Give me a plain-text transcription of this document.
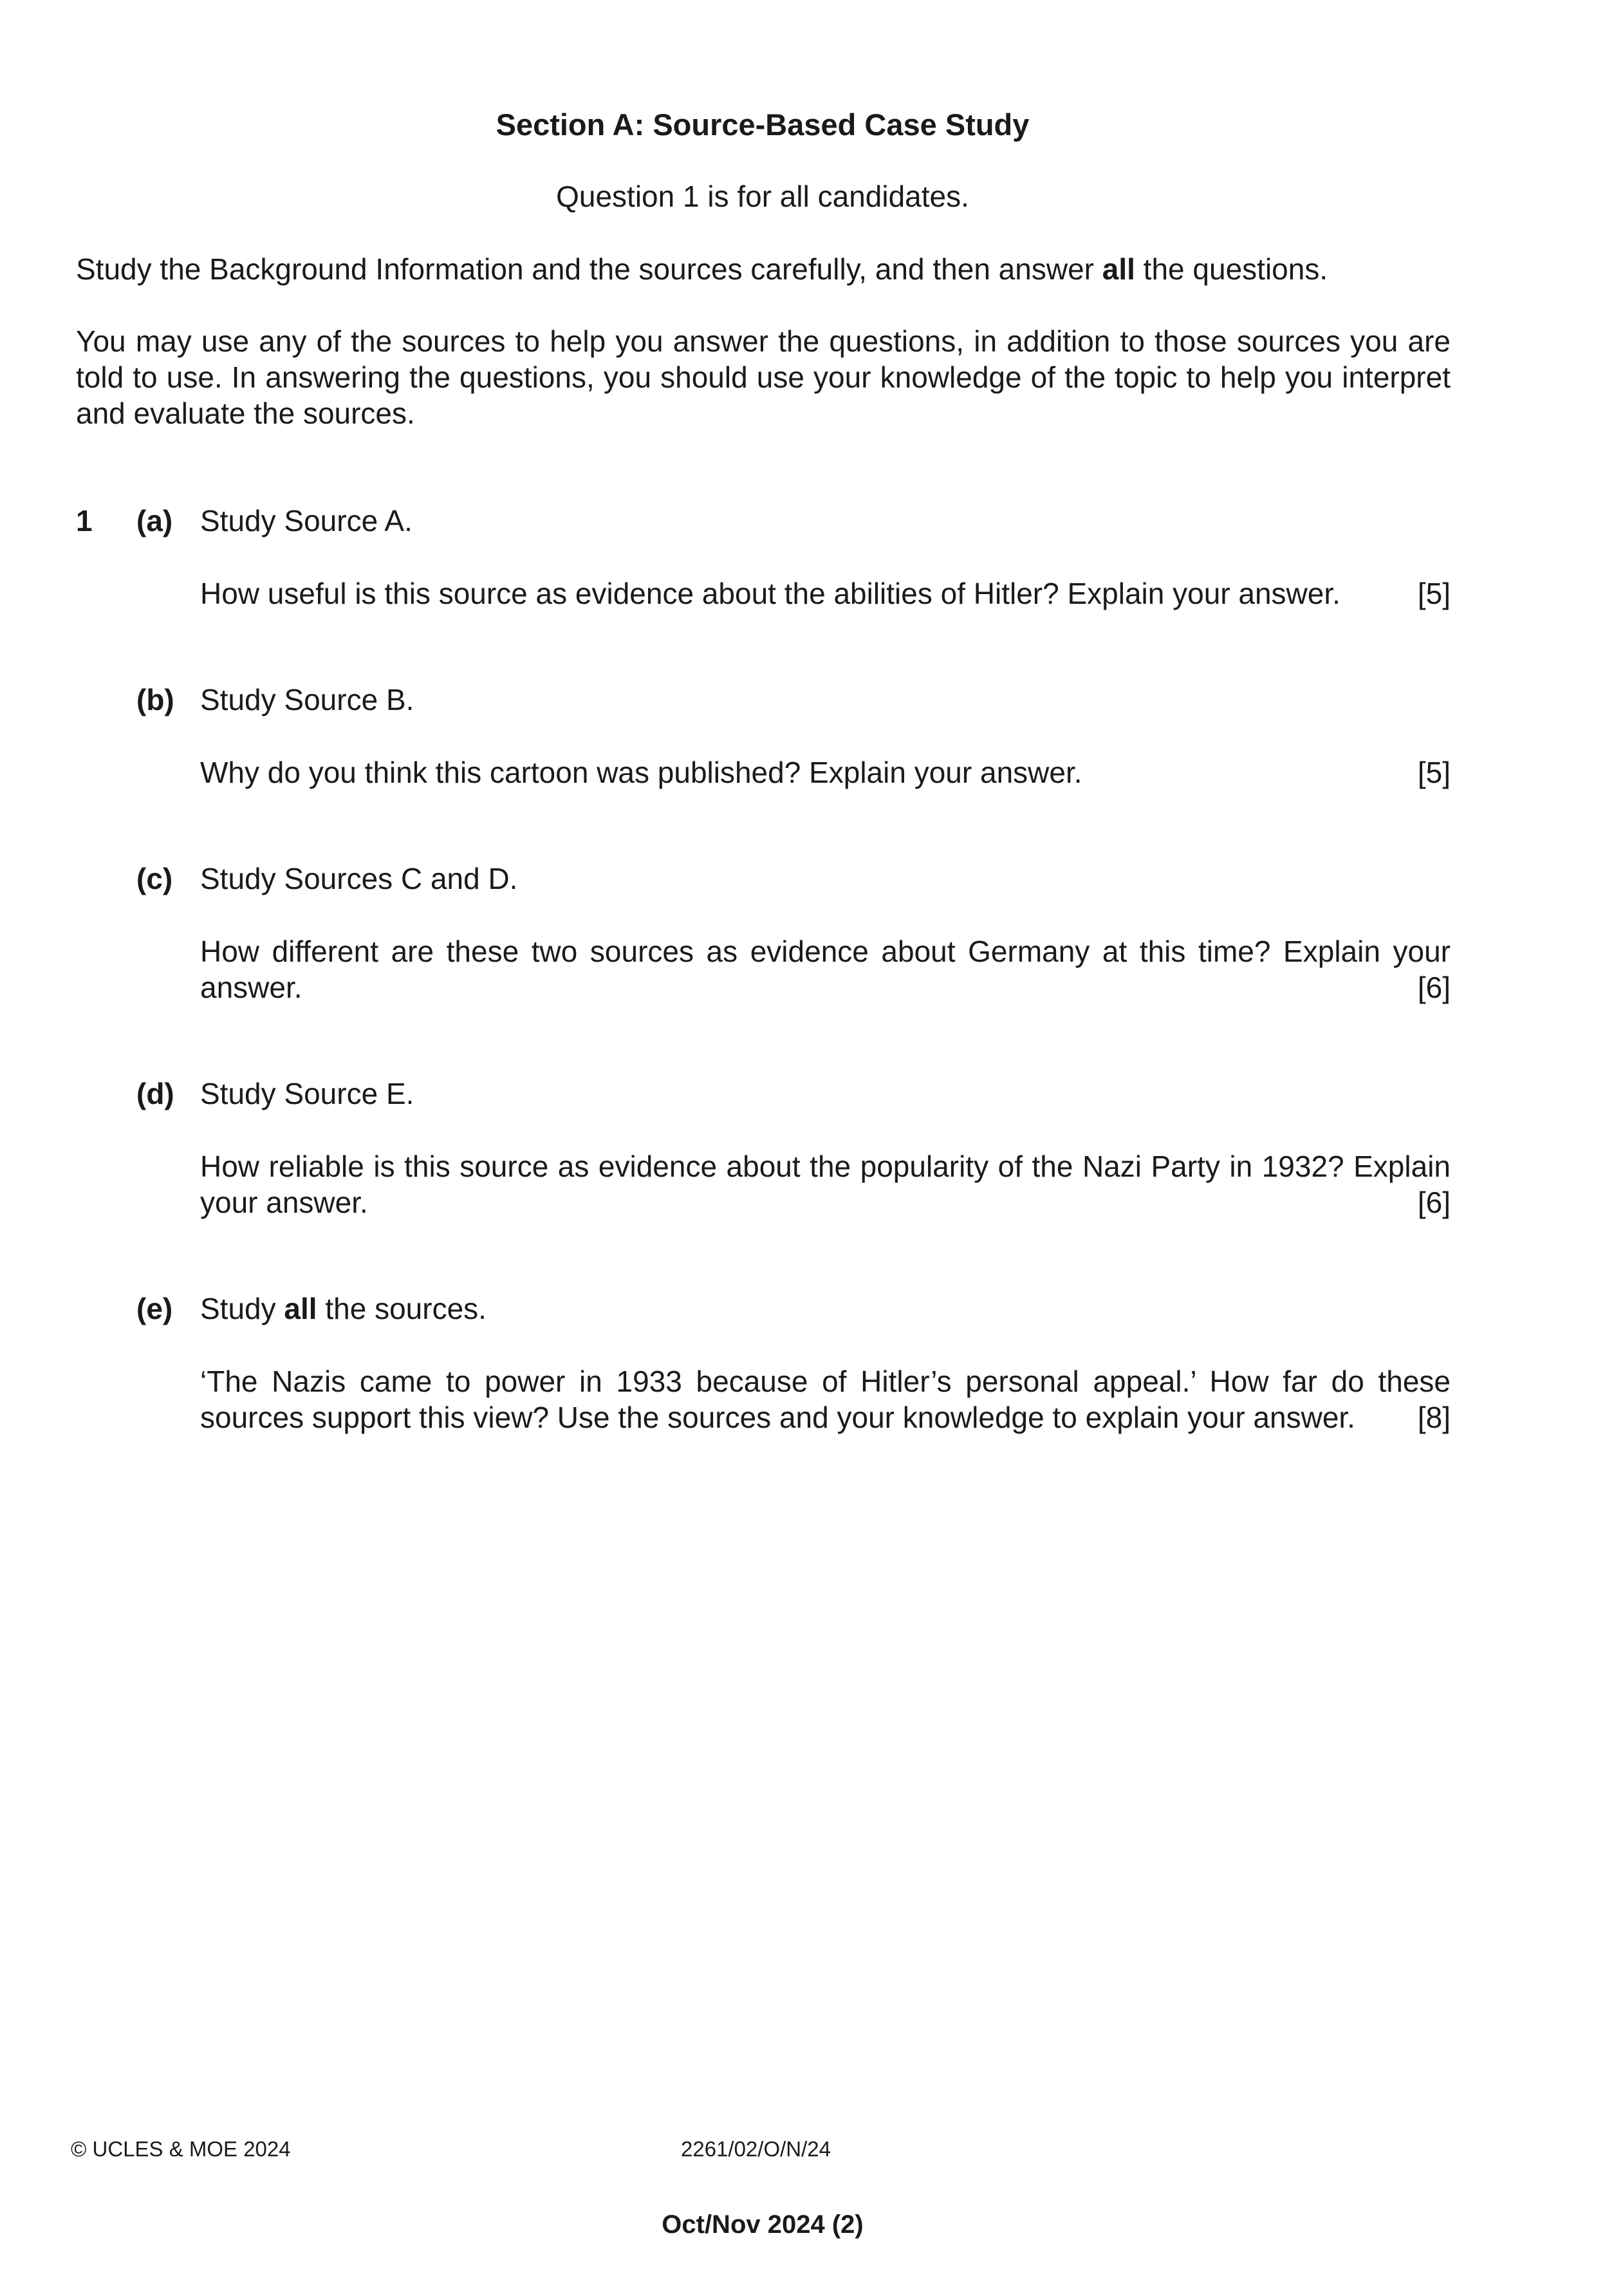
Section A: Source-Based Case Study
Question 1 is for all candidates.
Study the Background Information and the sources carefully, and then answer all the questions.
You may use any of the sources to help you answer the questions, in addition to those sources you are told to use. In answering the questions, you should use your knowledge of the topic to help you interpret and evaluate the sources.
1 (a) Study Source A.
How useful is this source as evidence about the abilities of Hitler? Explain your answer.	[5]
(b) Study Source B.
Why do you think this cartoon was published? Explain your answer.	[5]
(c) Study Sources C and D.
How different are these two sources as evidence about Germany at this time? Explain your
answer.	[6]
(d) Study Source E.
How reliable is this source as evidence about the popularity of the Nazi Party in 1932? Explain
your answer.	[6]
(e) Study all the sources.
‘The Nazis came to power in 1933 because of Hitler’s personal appeal.’ How far do these
sources support this view? Use the sources and your knowledge to explain your answer. [8]
© UCLES & MOE 2024	2261/02/O/N/24
Oct/Nov 2024 (2)
